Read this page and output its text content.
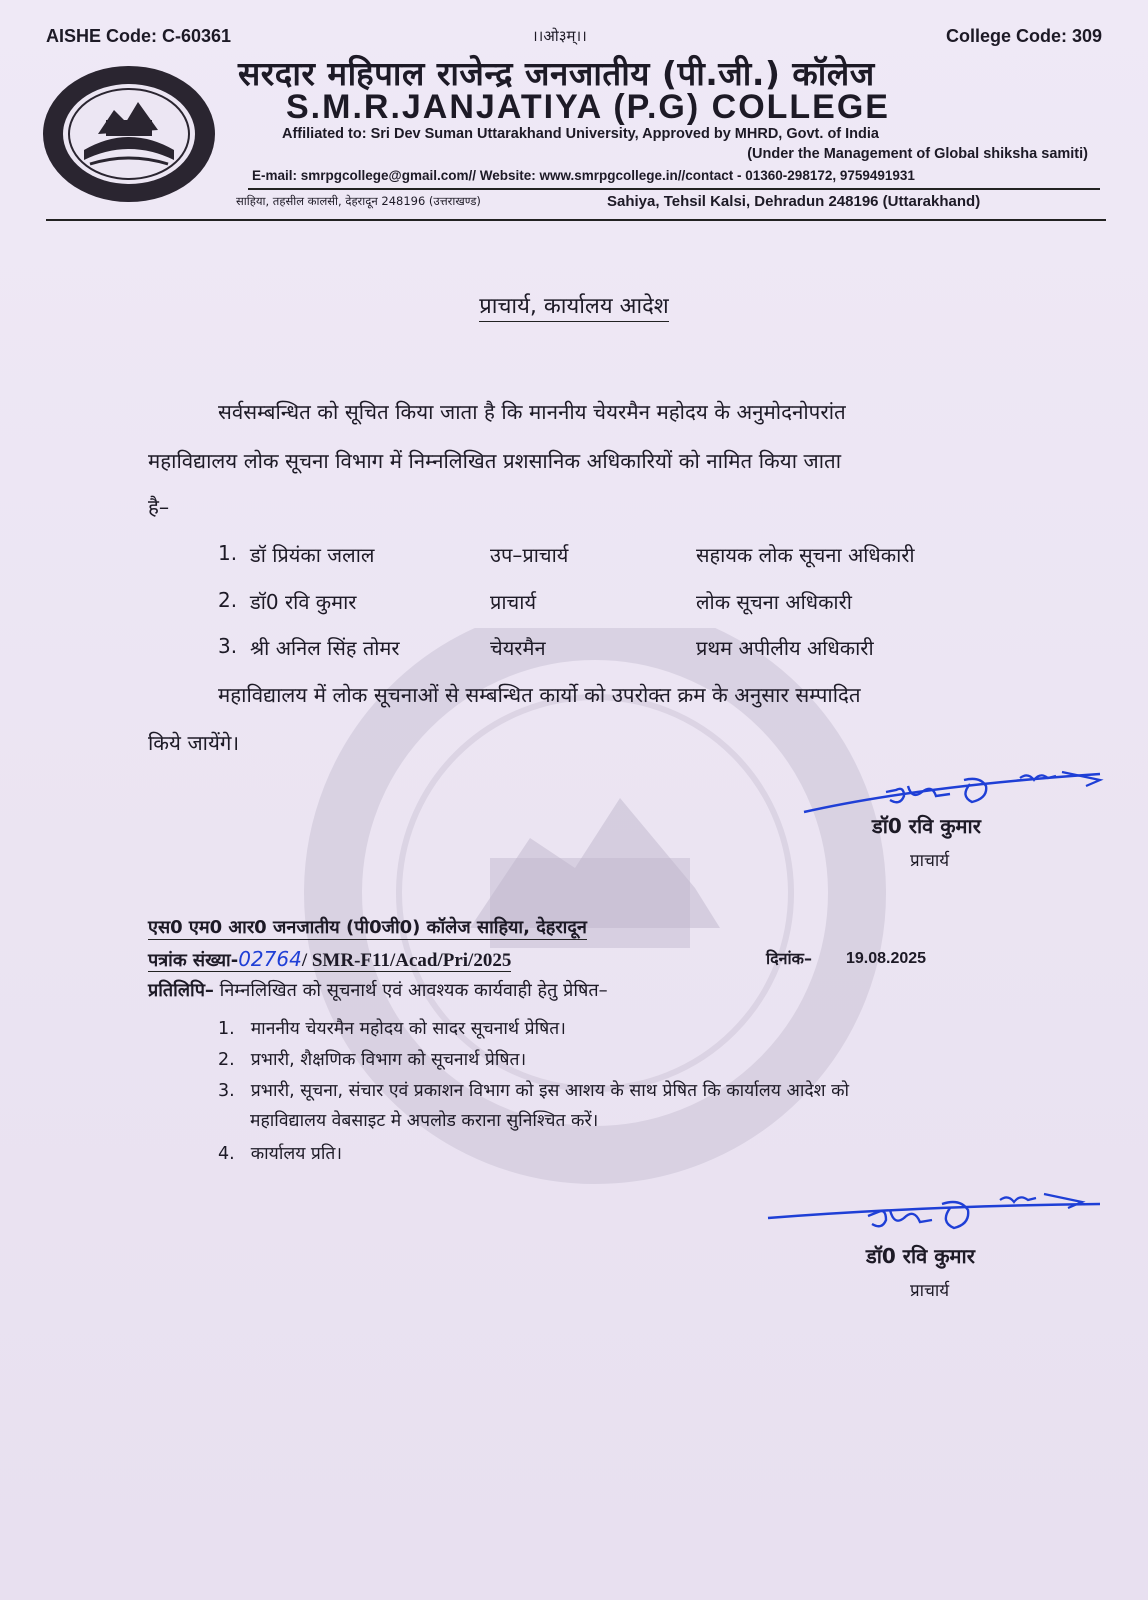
AISHE Code: C-60361	।।ओ३म्।।	College Code: 309
सरदार महिपाल राजेन्द्र जनजातीय (पी.जी.) कॉलेज
S.M.R.JANJATIYA (P.G) COLLEGE
Affiliated to: Sri Dev Suman Uttarakhand University, Approved by MHRD, Govt. of India
(Under the Management of Global shiksha samiti)
E-mail: smrpgcollege@gmail.com// Website: www.smrpgcollege.in//contact - 01360-298172, 9759491931
साहिया, तहसील कालसी, देहरादून 248196 (उत्तराखण्ड)	Sahiya, Tehsil Kalsi, Dehradun 248196 (Uttarakhand)
प्राचार्य, कार्यालय आदेश
सर्वसम्बन्धित को सूचित किया जाता है कि माननीय चेयरमैन महोदय के अनुमोदनोपरांत
महाविद्यालय लोक सूचना विभाग में निम्नलिखित प्रशसानिक अधिकारियों को नामित किया जाता
है–
1. डॉ प्रियंका जलाल	उप–प्राचार्य	सहायक लोक सूचना अधिकारी
2. डॉ0 रवि कुमार	प्राचार्य	लोक सूचना अधिकारी
3. श्री अनिल सिंह तोमर	चेयरमैन	प्रथम अपीलीय अधिकारी
महाविद्यालय में लोक सूचनाओं से सम्बन्धित कार्यो को उपरोक्त क्रम के अनुसार सम्पादित
किये जायेंगे।
डॉ0 रवि कुमार
प्राचार्य
एस0 एम0 आर0 जनजातीय (पी0जी0) कॉलेज साहिया, देहरादून
पत्रांक संख्या-02764/ SMR-F11/Acad/Pri/2025	दिनांक– 19.08.2025
प्रतिलिपि– निम्नलिखित को सूचनार्थ एवं आवश्यक कार्यवाही हेतु प्रेषित–
1. माननीय चेयरमैन महोदय को सादर सूचनार्थ प्रेषित।
2. प्रभारी, शैक्षणिक विभाग को सूचनार्थ प्रेषित।
3. प्रभारी, सूचना, संचार एवं प्रकाशन विभाग को इस आशय के साथ प्रेषित कि कार्यालय आदेश को
महाविद्यालय वेबसाइट मे अपलोड कराना सुनिश्चित करें।
4. कार्यालय प्रति।
डॉ0 रवि कुमार
प्राचार्य
